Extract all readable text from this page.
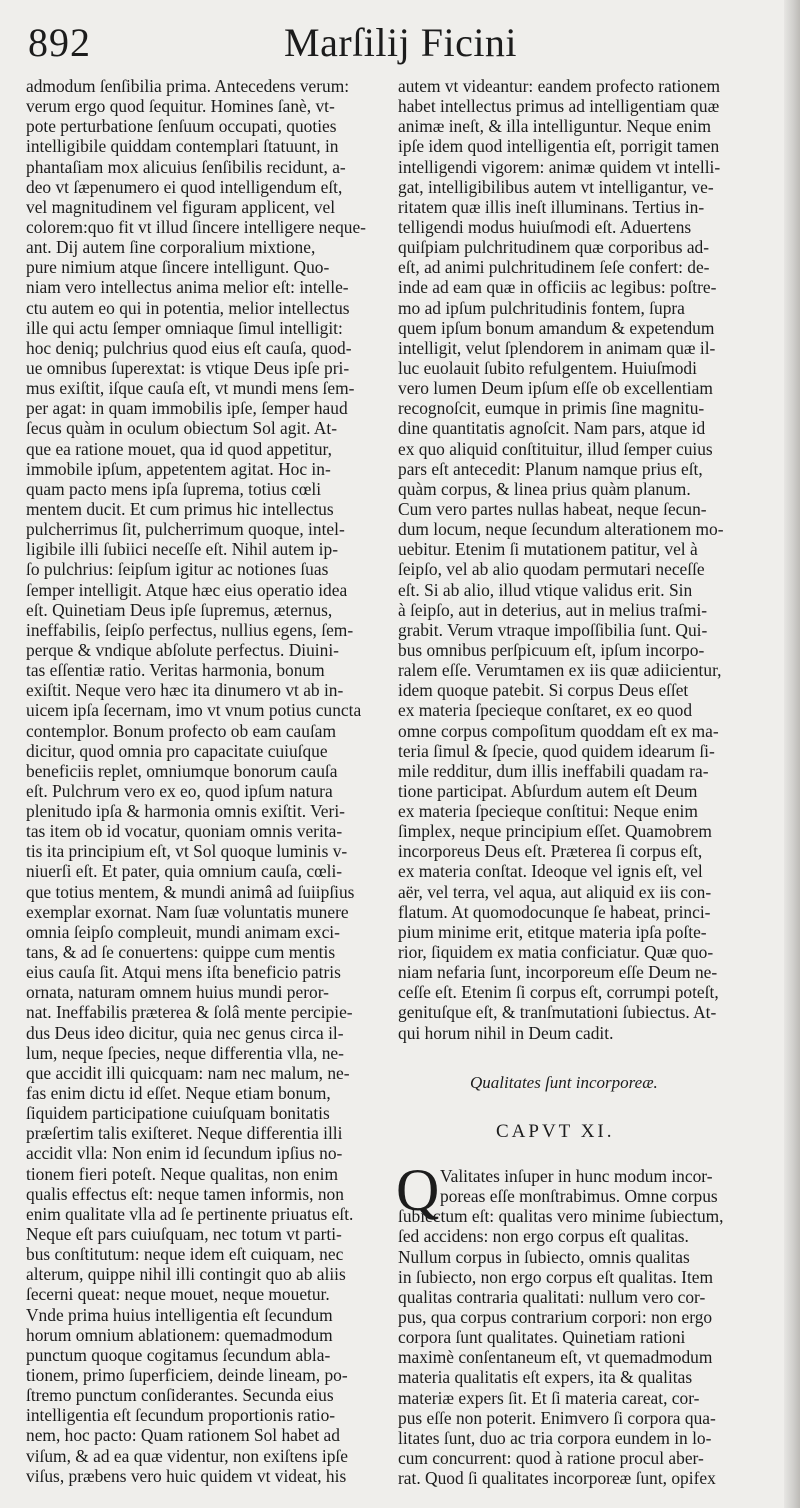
892	Marſilij Ficini
admodum ſenſibilia prima. Antecedens verum:
verum ergo quod ſequitur. Homines ſanè, vt-
pote perturbatione ſenſuum occupati, quoties
intelligibile quiddam contemplari ſtatuunt, in
phantaſiam mox alicuius ſenſibilis recidunt, a-
deo vt ſæpenumero ei quod intelligendum eſt,
vel magnitudinem vel figuram applicent, vel
colorem:quo fit vt illud ſincere intelligere neque-
ant. Dij autem ſine corporalium mixtione,
pure nimium atque ſincere intelligunt. Quo-
niam vero intellectus anima melior eſt: intelle-
ctu autem eo qui in potentia, melior intellectus
ille qui actu ſemper omniaque ſimul intelligit:
hoc deniq; pulchrius quod eius eſt cauſa, quod-
ue omnibus ſuperextat: is vtique Deus ipſe pri-
mus exiſtit, iſque cauſa eſt, vt mundi mens ſem-
per agat: in quam immobilis ipſe, ſemper haud
ſecus quàm in oculum obiectum Sol agit. At-
que ea ratione mouet, qua id quod appetitur,
immobile ipſum, appetentem agitat. Hoc in-
quam pacto mens ipſa ſuprema, totius cœli
mentem ducit. Et cum primus hic intellectus
pulcherrimus ſit, pulcherrimum quoque, intel-
ligibile illi ſubiici neceſſe eſt. Nihil autem ip-
ſo pulchrius: ſeipſum igitur ac notiones ſuas
ſemper intelligit. Atque hæc eius operatio idea
eſt. Quinetiam Deus ipſe ſupremus, æternus,
ineffabilis, ſeipſo perfectus, nullius egens, ſem-
perque & vndique abſolute perfectus. Diuini-
tas eſſentiæ ratio. Veritas harmonia, bonum
exiſtit. Neque vero hæc ita dinumero vt ab in-
uicem ipſa ſecernam, imo vt vnum potius cuncta
contemplor. Bonum profecto ob eam cauſam
dicitur, quod omnia pro capacitate cuiuſque
beneficiis replet, omniumque bonorum cauſa
eſt. Pulchrum vero ex eo, quod ipſum natura
plenitudo ipſa & harmonia omnis exiſtit. Veri-
tas item ob id vocatur, quoniam omnis verita-
tis ita principium eſt, vt Sol quoque luminis v-
niuerſi eſt. Et pater, quia omnium cauſa, cœli-
que totius mentem, & mundi animâ ad ſuiipſius
exemplar exornat. Nam ſuæ voluntatis munere
omnia ſeipſo compleuit, mundi animam exci-
tans, & ad ſe conuertens: quippe cum mentis
eius cauſa ſit. Atqui mens iſta beneficio patris
ornata, naturam omnem huius mundi peror-
nat. Ineffabilis præterea & ſolâ mente percipie-
dus Deus ideo dicitur, quia nec genus circa il-
lum, neque ſpecies, neque differentia vlla, ne-
que accidit illi quicquam: nam nec malum, ne-
fas enim dictu id eſſet. Neque etiam bonum,
ſiquidem participatione cuiuſquam bonitatis
præſertim talis exiſteret. Neque differentia illi
accidit vlla: Non enim id ſecundum ipſius no-
tionem fieri poteſt. Neque qualitas, non enim
qualis effectus eſt: neque tamen informis, non
enim qualitate vlla ad ſe pertinente priuatus eſt.
Neque eſt pars cuiuſquam, nec totum vt parti-
bus conſtitutum: neque idem eſt cuiquam, nec
alterum, quippe nihil illi contingit quo ab aliis
ſecerni queat: neque mouet, neque mouetur.
Vnde prima huius intelligentia eſt ſecundum
horum omnium ablationem: quemadmodum
punctum quoque cogitamus ſecundum abla-
tionem, primo ſuperficiem, deinde lineam, po-
ſtremo punctum conſiderantes. Secunda eius
intelligentia eſt ſecundum proportionis ratio-
nem, hoc pacto: Quam rationem Sol habet ad
viſum, & ad ea quæ videntur, non exiſtens ipſe
viſus, præbens vero huic quidem vt videat, his
autem vt videantur: eandem profecto rationem
habet intellectus primus ad intelligentiam quæ
animæ ineſt, & illa intelliguntur. Neque enim
ipſe idem quod intelligentia eſt, porrigit tamen
intelligendi vigorem: animæ quidem vt intelli-
gat, intelligibilibus autem vt intelligantur, ve-
ritatem quæ illis ineſt illuminans. Tertius in-
telligendi modus huiuſmodi eſt. Aduertens
quiſpiam pulchritudinem quæ corporibus ad-
eſt, ad animi pulchritudinem ſeſe confert: de-
inde ad eam quæ in officiis ac legibus: poſtre-
mo ad ipſum pulchritudinis fontem, ſupra
quem ipſum bonum amandum & expetendum
intelligit, velut ſplendorem in animam quæ il-
luc euolauit ſubito refulgentem. Huiuſmodi
vero lumen Deum ipſum eſſe ob excellentiam
recognoſcit, eumque in primis ſine magnitu-
dine quantitatis agnoſcit. Nam pars, atque id
ex quo aliquid conſtituitur, illud ſemper cuius
pars eſt antecedit: Planum namque prius eſt,
quàm corpus, & linea prius quàm planum.
Cum vero partes nullas habeat, neque ſecun-
dum locum, neque ſecundum alterationem mo-
uebitur. Etenim ſi mutationem patitur, vel à
ſeipſo, vel ab alio quodam permutari neceſſe
eſt. Si ab alio, illud vtique validus erit. Sin
à ſeipſo, aut in deterius, aut in melius traſmi-
grabit. Verum vtraque impoſſibilia ſunt. Qui-
bus omnibus perſpicuum eſt, ipſum incorpo-
ralem eſſe. Verumtamen ex iis quæ adiicientur,
idem quoque patebit. Si corpus Deus eſſet
ex materia ſpecieque conſtaret, ex eo quod
omne corpus compoſitum quoddam eſt ex ma-
teria ſimul & ſpecie, quod quidem idearum ſi-
mile redditur, dum illis ineffabili quadam ra-
tione participat. Abſurdum autem eſt Deum
ex materia ſpecieque conſtitui: Neque enim
ſimplex, neque principium eſſet. Quamobrem
incorporeus Deus eſt. Præterea ſi corpus eſt,
ex materia conſtat. Ideoque vel ignis eſt, vel
aër, vel terra, vel aqua, aut aliquid ex iis con-
flatum. At quomodocunque ſe habeat, princi-
pium minime erit, etitque materia ipſa poſte-
rior, ſiquidem ex matia conficiatur. Quæ quo-
niam nefaria ſunt, incorporeum eſſe Deum ne-
ceſſe eſt. Etenim ſi corpus eſt, corrumpi poteſt,
genituſque eſt, & tranſmutationi ſubiectus. At-
qui horum nihil in Deum cadit.
Qualitates ſunt incorporeæ.
CAPVT XI.
Q Valitates inſuper in hunc modum incor-
poreas eſſe monſtrabimus. Omne corpus
ſubiectum eſt: qualitas vero minime ſubiectum,
ſed accidens: non ergo corpus eſt qualitas.
Nullum corpus in ſubiecto, omnis qualitas
in ſubiecto, non ergo corpus eſt qualitas. Item
qualitas contraria qualitati: nullum vero cor-
pus, qua corpus contrarium corpori: non ergo
corpora ſunt qualitates. Quinetiam rationi
maximè conſentaneum eſt, vt quemadmodum
materia qualitatis eſt expers, ita & qualitas
materiæ expers ſit. Et ſi materia careat, cor-
pus eſſe non poterit. Enimvero ſi corpora qua-
litates ſunt, duo ac tria corpora eundem in lo-
cum concurrent: quod à ratione procul aber-
rat. Quod ſi qualitates incorporeæ ſunt, opifex
